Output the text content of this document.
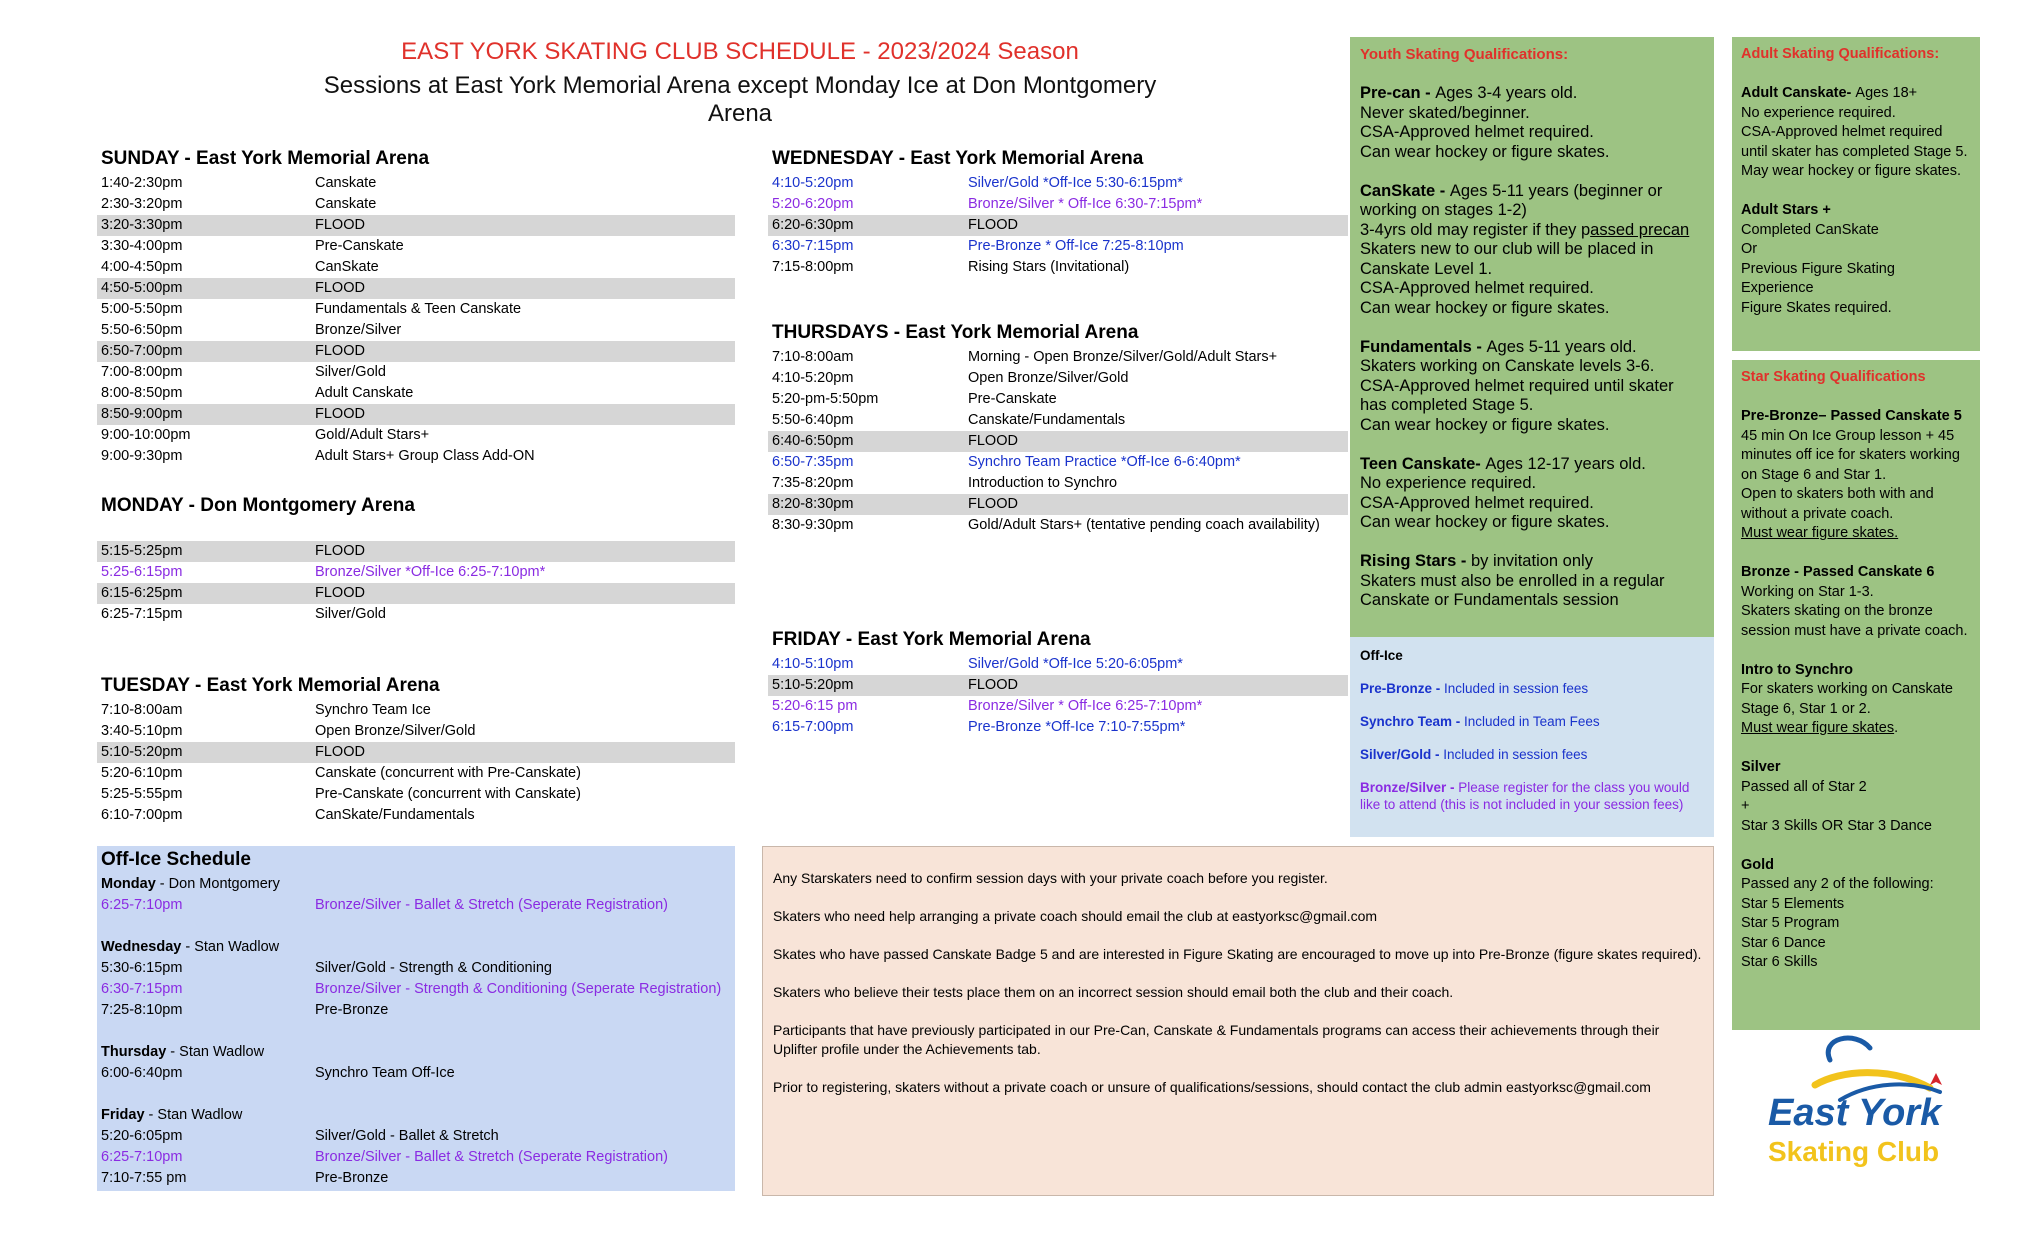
EAST YORK SKATING CLUB SCHEDULE - 2023/2024 Season
Sessions at East York Memorial Arena except Monday Ice at Don Montgomery Arena
SUNDAY - East York Memorial Arena
1:40-2:30pm	Canskate
2:30-3:20pm	Canskate
3:20-3:30pm	FLOOD
3:30-4:00pm	Pre-Canskate
4:00-4:50pm	CanSkate
4:50-5:00pm	FLOOD
5:00-5:50pm	Fundamentals & Teen Canskate
5:50-6:50pm	Bronze/Silver
6:50-7:00pm	FLOOD
7:00-8:00pm	Silver/Gold
8:00-8:50pm	Adult Canskate
8:50-9:00pm	FLOOD
9:00-10:00pm	Gold/Adult Stars+
9:00-9:30pm	Adult Stars+ Group Class Add-ON
MONDAY - Don Montgomery Arena
5:15-5:25pm	FLOOD
5:25-6:15pm	Bronze/Silver *Off-Ice 6:25-7:10pm*
6:15-6:25pm	FLOOD
6:25-7:15pm	Silver/Gold
TUESDAY - East York Memorial Arena
7:10-8:00am	Synchro Team Ice
3:40-5:10pm	Open Bronze/Silver/Gold
5:10-5:20pm	FLOOD
5:20-6:10pm	Canskate (concurrent with Pre-Canskate)
5:25-5:55pm	Pre-Canskate (concurrent with Canskate)
6:10-7:00pm	CanSkate/Fundamentals
WEDNESDAY - East York Memorial Arena
4:10-5:20pm	Silver/Gold *Off-Ice 5:30-6:15pm*
5:20-6:20pm	Bronze/Silver * Off-Ice 6:30-7:15pm*
6:20-6:30pm	FLOOD
6:30-7:15pm	Pre-Bronze * Off-Ice 7:25-8:10pm
7:15-8:00pm	Rising Stars (Invitational)
THURSDAYS - East York Memorial Arena
7:10-8:00am	Morning - Open Bronze/Silver/Gold/Adult Stars+
4:10-5:20pm	Open Bronze/Silver/Gold
5:20-pm-5:50pm	Pre-Canskate
5:50-6:40pm	Canskate/Fundamentals
6:40-6:50pm	FLOOD
6:50-7:35pm	Synchro Team Practice *Off-Ice 6-6:40pm*
7:35-8:20pm	Introduction to Synchro
8:20-8:30pm	FLOOD
8:30-9:30pm	Gold/Adult Stars+ (tentative pending coach availability)
FRIDAY - East York Memorial Arena
4:10-5:10pm	Silver/Gold *Off-Ice 5:20-6:05pm*
5:10-5:20pm	FLOOD
5:20-6:15 pm	Bronze/Silver * Off-Ice 6:25-7:10pm*
6:15-7:00pm	Pre-Bronze *Off-Ice 7:10-7:55pm*
Off-Ice Schedule
Monday - Don Montgomery
6:25-7:10pm	Bronze/Silver - Ballet & Stretch (Seperate Registration)
Wednesday - Stan Wadlow
5:30-6:15pm	Silver/Gold - Strength & Conditioning
6:30-7:15pm	Bronze/Silver - Strength & Conditioning (Seperate Registration)
7:25-8:10pm	Pre-Bronze
Thursday - Stan Wadlow
6:00-6:40pm	Synchro Team Off-Ice
Friday - Stan Wadlow
5:20-6:05pm	Silver/Gold - Ballet & Stretch
6:25-7:10pm	Bronze/Silver - Ballet & Stretch (Seperate Registration)
7:10-7:55 pm	Pre-Bronze

Any Starskaters need to confirm session days with your private coach before you register.

Skaters who need help arranging a private coach should email the club at eastyorksc@gmail.com

Skates who have passed Canskate Badge 5 and are interested in Figure Skating are encouraged to move up into Pre-Bronze (figure skates required).

Skaters who believe their tests place them on an incorrect session should email both the club and their coach.

Participants that have previously participated in our Pre-Can, Canskate & Fundamentals programs can access their achievements through their Uplifter profile under the Achievements tab.

Prior to registering, skaters without a private coach or unsure of qualifications/sessions, should contact the club admin eastyorksc@gmail.com

Youth Skating Qualifications:

Pre-can - Ages 3-4 years old.

Never skated/beginner.

CSA-Approved helmet required.

Can wear hockey or figure skates.

CanSkate - Ages 5-11 years (beginner or working on stages 1-2)

3-4yrs old may register if they passed precan

Skaters new to our club will be placed in Canskate Level 1.

CSA-Approved helmet required.

Can wear hockey or figure skates.

Fundamentals - Ages 5-11 years old.

Skaters working on Canskate levels 3-6.

CSA-Approved helmet required until skater has completed Stage 5.

Can wear hockey or figure skates.

Teen Canskate- Ages 12-17 years old.

No experience required.

CSA-Approved helmet required.

Can wear hockey or figure skates.

Rising Stars - by invitation only

Skaters must also be enrolled in a regular Canskate or Fundamentals session

Off-Ice

Pre-Bronze - Included in session fees

Synchro Team - Included in Team Fees

Silver/Gold - Included in session fees

Bronze/Silver - Please register for the class you would like to attend (this is not included in your session fees)

Adult Skating Qualifications:

Adult Canskate- Ages 18+

No experience required.

CSA-Approved helmet required until skater has completed Stage 5.

May wear hockey or figure skates.

Adult Stars +

Completed CanSkate

Or

Previous Figure Skating Experience

Figure Skates required.

Star Skating Qualifications

Pre-Bronze– Passed Canskate 5

45 min On Ice Group lesson + 45 minutes off ice for skaters working on Stage 6 and Star 1.

Open to skaters both with and without a private coach.

Must wear figure skates.

Bronze - Passed Canskate 6

Working on Star 1-3.

Skaters skating on the bronze session must have a private coach.

Intro to Synchro

For skaters working on Canskate Stage 6, Star 1 or 2.

Must wear figure skates.

Silver

Passed all of Star 2

+

Star 3 Skills OR Star 3 Dance

Gold

Passed any 2 of the following:

Star 5 Elements

Star 5 Program

Star 6 Dance

Star 6 Skills

East York
Skating Club
